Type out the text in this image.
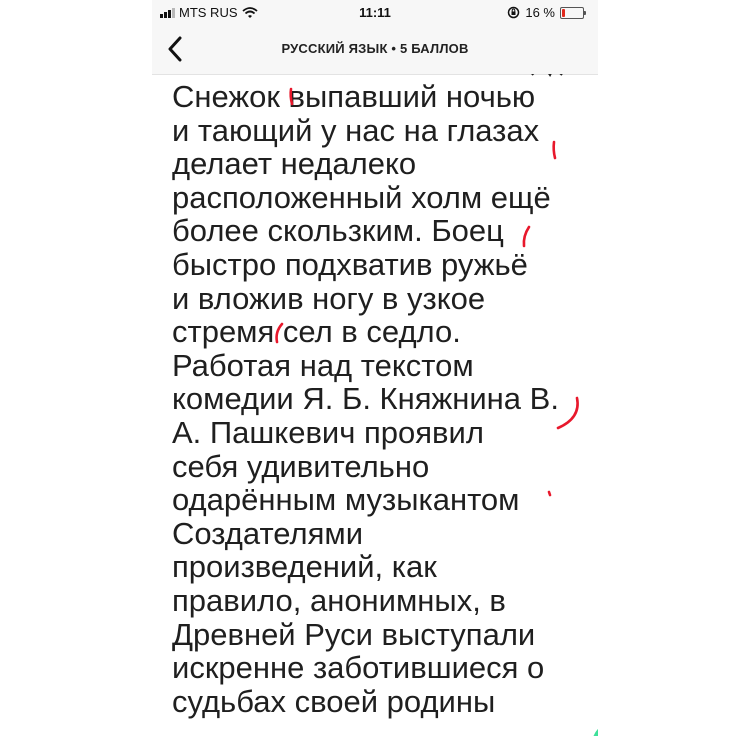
MTS RUS	11:11	16 %
РУССКИЙ ЯЗЫК • 5 БАЛЛОВ
Снежок выпавший ночью
и тающий у нас на глазах
делает недалеко
расположенный холм ещё
более скользким. Боец
быстро подхватив ружьё
и вложив ногу в узкое
стремя сел в седло.
Работая над текстом
комедии Я. Б. Княжнина В.
А. Пашкевич проявил
себя удивительно
одарённым музыкантом
Создателями
произведений, как
правило, анонимных, в
Древней Руси выступали
искренне заботившиеся о
судьбах своей родины
